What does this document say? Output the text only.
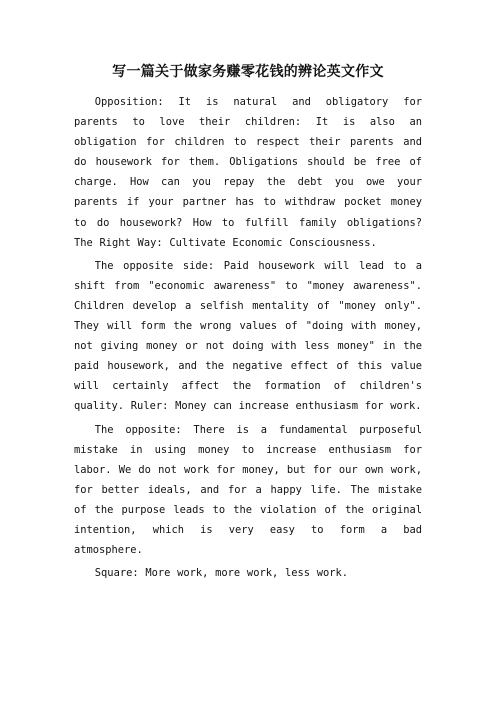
写一篇关于做家务赚零花钱的辨论英文作文

Opposition: It is natural and obligatory for parents to love their children: It is also an obligation for children to respect their parents and do housework for them. Obligations should be free of charge. How can you repay the debt you owe your parents if your partner has to withdraw pocket money to do housework? How to fulfill family obligations? The Right Way: Cultivate Economic Consciousness.

The opposite side: Paid housework will lead to a shift from "economic awareness" to "money awareness". Children develop a selfish mentality of "money only". They will form the wrong values of "doing with money, not giving money or not doing with less money" in the paid housework, and the negative effect of this value will certainly affect the formation of children's quality. Ruler: Money can increase enthusiasm for work.

The opposite: There is a fundamental purposeful mistake in using money to increase enthusiasm for labor. We do not work for money, but for our own work, for better ideals, and for a happy life. The mistake of the purpose leads to the violation of the original intention, which is very easy to form a bad atmosphere.

Square: More work, more work, less work.
